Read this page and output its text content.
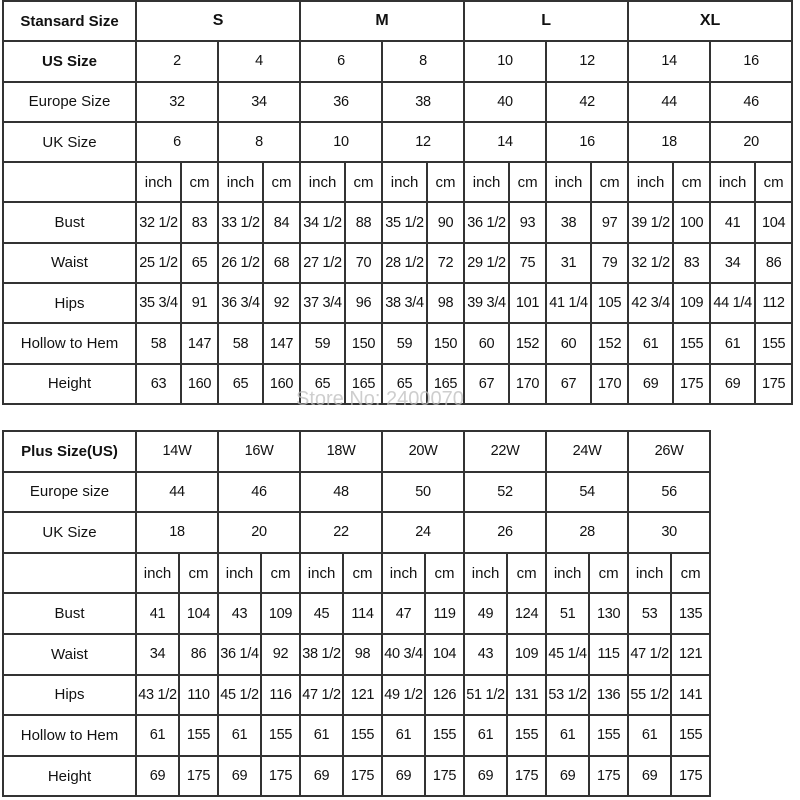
Stansard Size	S				M				L				XL			
US Size	2		4		6		8		10		12		14		16	
Europe Size	32		34		36		38		40		42		44		46	
UK Size	6		8		10		12		14		16		18		20	
	inch	cm	inch	cm	inch	cm	inch	cm	inch	cm	inch	cm	inch	cm	inch	cm
Bust	32 1/2	83	33 1/2	84	34 1/2	88	35 1/2	90	36 1/2	93	38	97	39 1/2	100	41	104
Waist	25 1/2	65	26 1/2	68	27 1/2	70	28 1/2	72	29 1/2	75	31	79	32 1/2	83	34	86
Hips	35 3/4	91	36 3/4	92	37 3/4	96	38 3/4	98	39 3/4	101	41 1/4	105	42 3/4	109	44 1/4	112
Hollow to Hem	58	147	58	147	59	150	59	150	60	152	60	152	61	155	61	155
Height	63	160	65	160	65	165	65	165	67	170	67	170	69	175	69	175
Store No: 2400070
Plus Size(US)	14W		16W		18W		20W		22W		24W		26W	
Europe size	44		46		48		50		52		54		56	
UK Size	18		20		22		24		26		28		30	
	inch	cm	inch	cm	inch	cm	inch	cm	inch	cm	inch	cm	inch	cm
Bust	41	104	43	109	45	114	47	119	49	124	51	130	53	135
Waist	34	86	36 1/4	92	38 1/2	98	40 3/4	104	43	109	45 1/4	115	47 1/2	121
Hips	43 1/2	110	45 1/2	116	47 1/2	121	49 1/2	126	51 1/2	131	53 1/2	136	55 1/2	141
Hollow to Hem	61	155	61	155	61	155	61	155	61	155	61	155	61	155
Height	69	175	69	175	69	175	69	175	69	175	69	175	69	175
